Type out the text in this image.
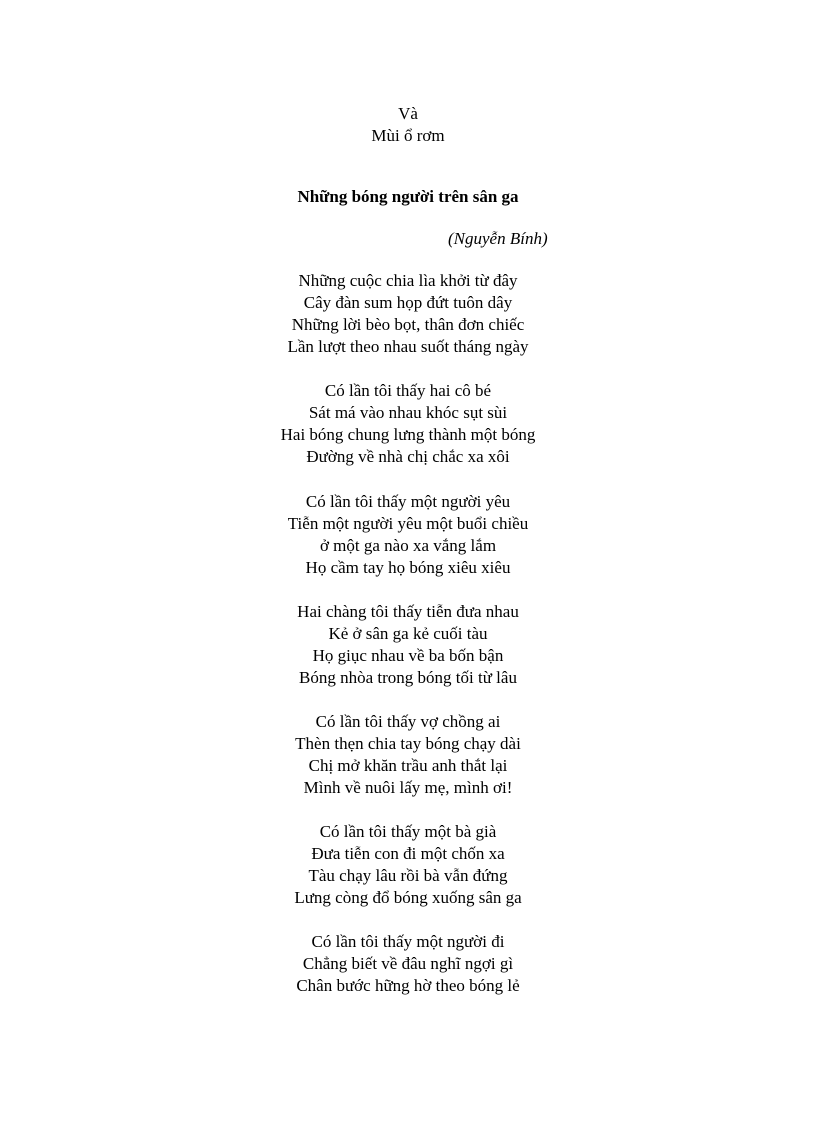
Và
Mùi ổ rơm
Những bóng người trên sân ga
(Nguyễn Bính)
Những cuộc chia lìa khởi từ đây
Cây đàn sum họp đứt tuôn dây
Những lời bèo bọt, thân đơn chiếc
Lần lượt theo nhau suốt tháng ngày
Có lần tôi thấy hai cô bé
Sát má vào nhau khóc sụt sùi
Hai bóng chung lưng thành một bóng
Đường về nhà chị chắc xa xôi
Có lần tôi thấy một người yêu
Tiễn một người yêu một buổi chiều
ở một ga nào xa vắng lắm
Họ cầm tay họ bóng xiêu xiêu
Hai chàng tôi thấy tiễn đưa nhau
Kẻ ở sân ga kẻ cuối tàu
Họ giục nhau về ba bốn bận
Bóng nhòa trong bóng tối từ lâu
Có lần tôi thấy vợ chồng ai
Thèn thẹn chia tay bóng chạy dài
Chị mở khăn trầu anh thắt lại
Mình về nuôi lấy mẹ, mình ơi!
Có lần tôi thấy một bà già
Đưa tiễn con đi một chốn xa
Tàu chạy lâu rồi bà vẫn đứng
Lưng còng đổ bóng xuống sân ga
Có lần tôi thấy một người đi
Chẳng biết về đâu nghĩ ngợi gì
Chân bước hững hờ theo bóng lẻ
